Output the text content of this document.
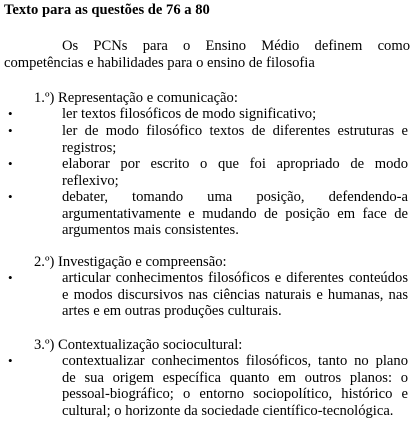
Texto para as questões de 76 a 80
Os PCNs para o Ensino Médio definem como
competências e habilidades para o ensino de filosofia
1.º) Representação e comunicação:
•	ler textos filosóficos de modo significativo;
•	ler de modo filosófico textos de diferentes estruturas e
registros;
•	elaborar por escrito o que foi apropriado de modo
reflexivo;
•	debater, tomando uma posição, defendendo-a
argumentativamente e mudando de posição em face de
argumentos mais consistentes.
2.º) Investigação e compreensão:
•	articular conhecimentos filosóficos e diferentes conteúdos
e modos discursivos nas ciências naturais e humanas, nas
artes e em outras produções culturais.
3.º) Contextualização sociocultural:
•	contextualizar conhecimentos filosóficos, tanto no plano
de sua origem específica quanto em outros planos: o
pessoal-biográfico; o entorno sociopolítico, histórico e
cultural; o horizonte da sociedade científico-tecnológica.
